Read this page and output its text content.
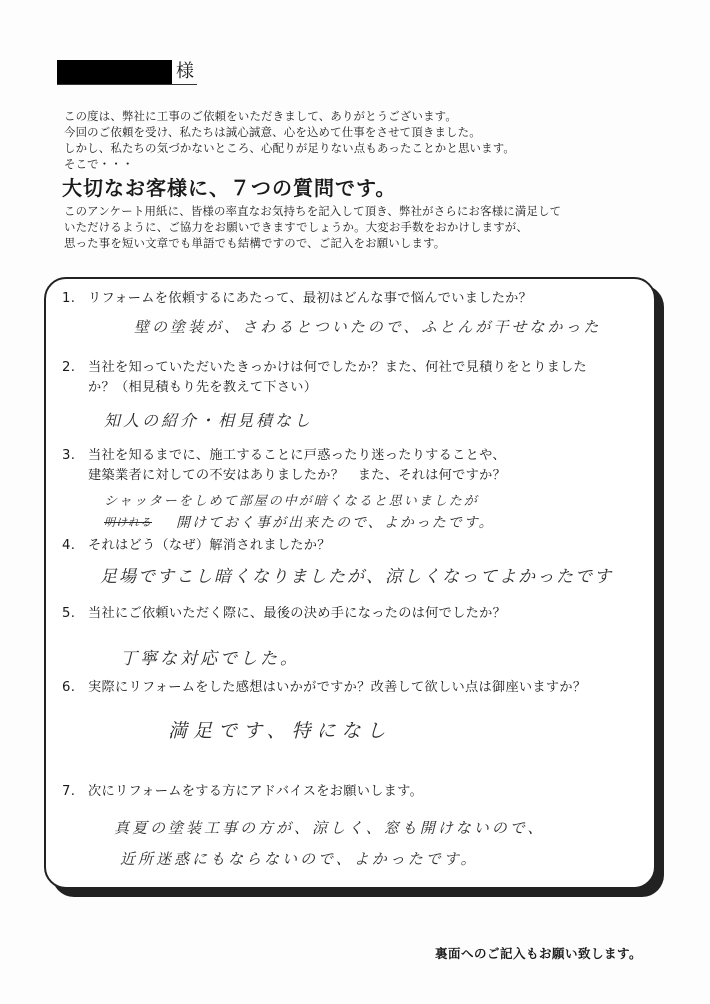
様
この度は、弊社に工事のご依頼をいただきまして、ありがとうございます。
今回のご依頼を受け、私たちは誠心誠意、心を込めて仕事をさせて頂きました。
しかし、私たちの気づかないところ、心配りが足りない点もあったことかと思います。
そこで・・・
大切なお客様に、７つの質問です。
このアンケート用紙に、皆様の率直なお気持ちを記入して頂き、弊社がさらにお客様に満足して
いただけるように、ご協力をお願いできますでしょうか。大変お手数をおかけしますが、
思った事を短い文章でも単語でも結構ですので、ご記入をお願いします。
1. リフォームを依頼するにあたって、最初はどんな事で悩んでいましたか？
壁の塗装が、さわるとついたので、ふとんが干せなかった
2. 当社を知っていただいたきっかけは何でしたか？また、何社で見積りをとりました
か？（相見積もり先を教えて下さい）
知人の紹介・相見積なし
3. 当社を知るまでに、施工することに戸惑ったり迷ったりすることや、
建築業者に対しての不安はありましたか？　また、それは何ですか？
シャッターをしめて部屋の中が暗くなると思いましたが
明けれる 開けておく事が出来たので、よかったです。
4. それはどう（なぜ）解消されましたか？
足場ですこし暗くなりましたが、涼しくなってよかったです
5. 当社にご依頼いただく際に、最後の決め手になったのは何でしたか？
丁寧な対応でした。
6. 実際にリフォームをした感想はいかがですか？改善して欲しい点は御座いますか？
満足です、特になし
7. 次にリフォームをする方にアドバイスをお願いします。
真夏の塗装工事の方が、涼しく、窓も開けないので、
近所迷惑にもならないので、よかったです。
裏面へのご記入もお願い致します。
